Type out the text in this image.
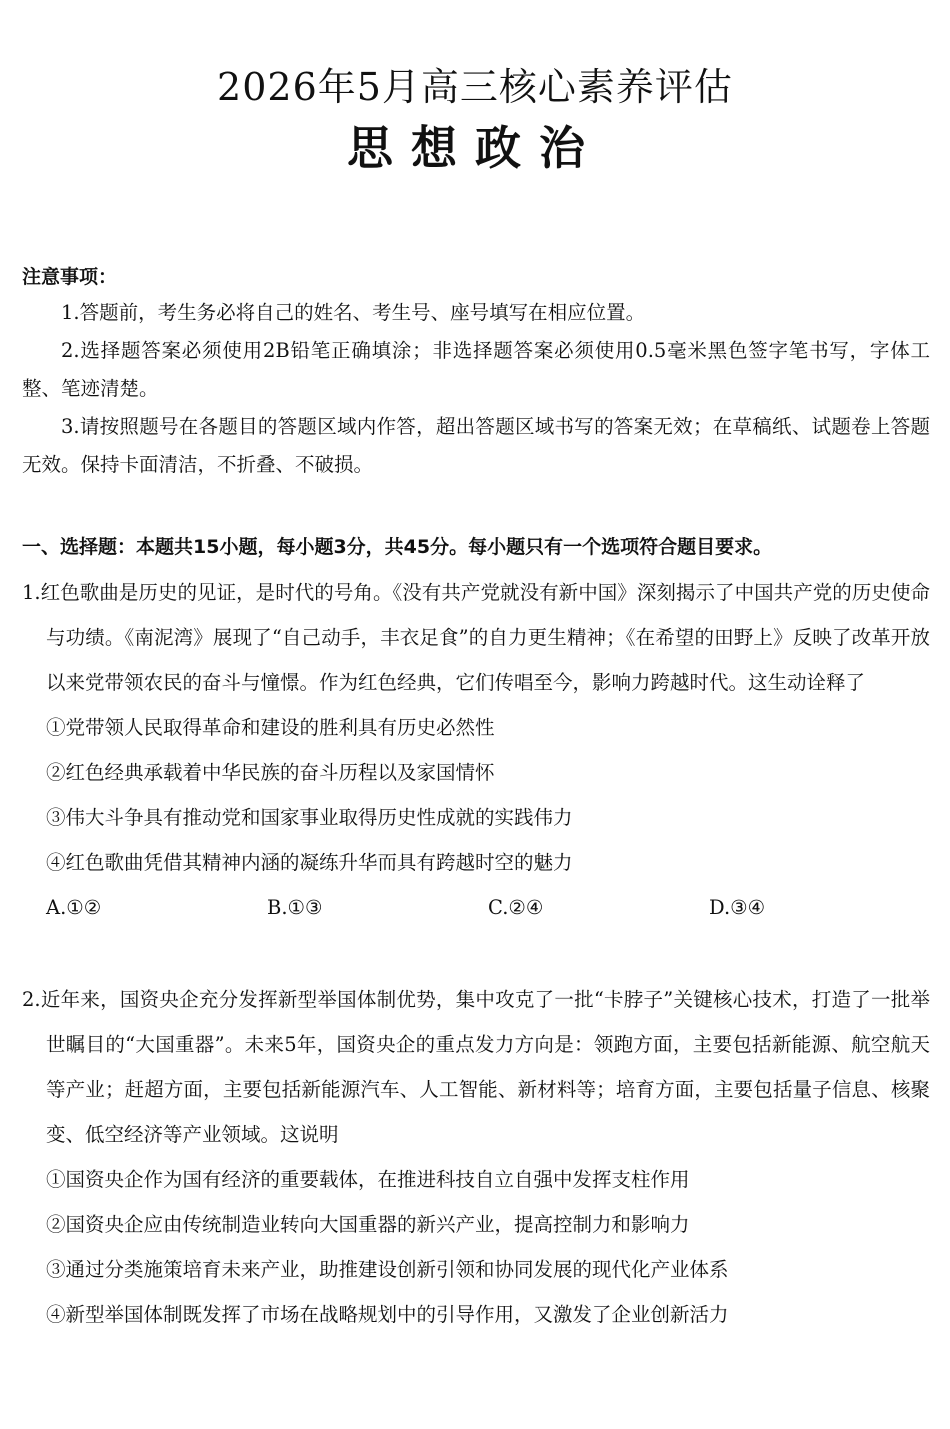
2026年5月高三核心素养评估
思想政治
注意事项：

1.答题前，考生务必将自己的姓名、考生号、座号填写在相应位置。

2.选择题答案必须使用2B铅笔正确填涂；非选择题答案必须使用0.5毫米黑色签字笔书写，字体工整、笔迹清楚。

3.请按照题号在各题目的答题区域内作答，超出答题区域书写的答案无效；在草稿纸、试题卷上答题无效。保持卡面清洁，不折叠、不破损。

一、选择题：本题共15小题，每小题3分，共45分。每小题只有一个选项符合题目要求。

1.红色歌曲是历史的见证，是时代的号角。《没有共产党就没有新中国》深刻揭示了中国共产党的历史使命与功绩。《南泥湾》展现了“自己动手，丰衣足食”的自力更生精神；《在希望的田野上》反映了改革开放以来党带领农民的奋斗与憧憬。作为红色经典，它们传唱至今，影响力跨越时代。这生动诠释了

①党带领人民取得革命和建设的胜利具有历史必然性

②红色经典承载着中华民族的奋斗历程以及家国情怀

③伟大斗争具有推动党和国家事业取得历史性成就的实践伟力

④红色歌曲凭借其精神内涵的凝练升华而具有跨越时空的魅力

A.①②	B.①③	C.②④	D.③④

2.近年来，国资央企充分发挥新型举国体制优势，集中攻克了一批“卡脖子”关键核心技术，打造了一批举世瞩目的“大国重器”。未来5年，国资央企的重点发力方向是：领跑方面，主要包括新能源、航空航天等产业；赶超方面，主要包括新能源汽车、人工智能、新材料等；培育方面，主要包括量子信息、核聚变、低空经济等产业领域。这说明

①国资央企作为国有经济的重要载体，在推进科技自立自强中发挥支柱作用

②国资央企应由传统制造业转向大国重器的新兴产业，提高控制力和影响力

③通过分类施策培育未来产业，助推建设创新引领和协同发展的现代化产业体系

④新型举国体制既发挥了市场在战略规划中的引导作用，又激发了企业创新活力
